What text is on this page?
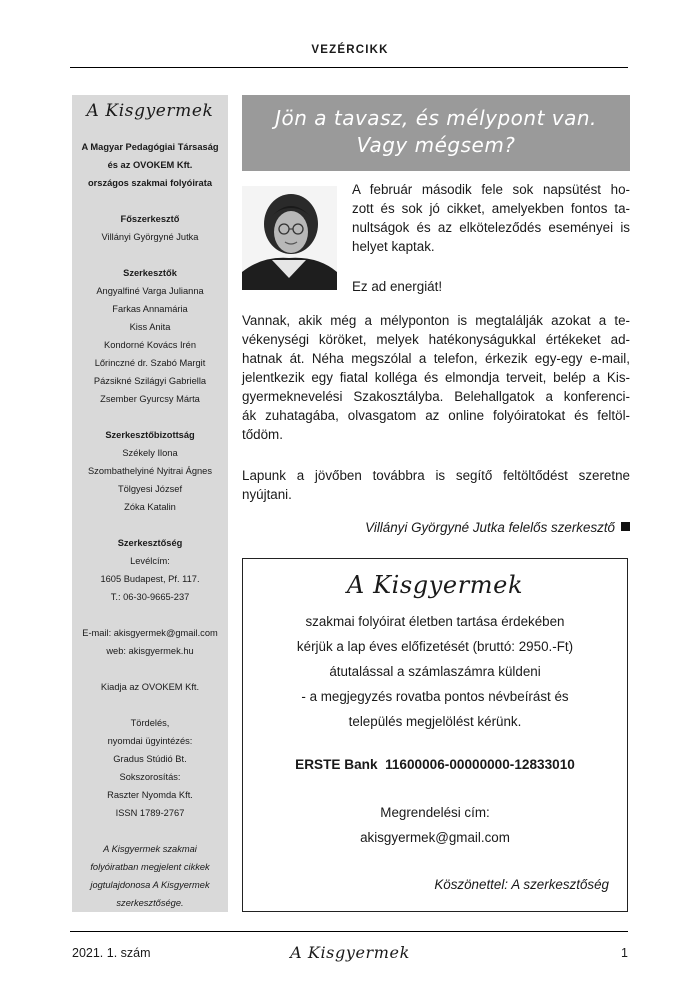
VEZÉRCIKK
A Kisgyermek
A Magyar Pedagógiai Társaság
és az OVOKEM Kft.
országos szakmai folyóirata
Főszerkesztő
Villányi Györgyné Jutka
Szerkesztők
Angyalfiné Varga Julianna
Farkas Annamária
Kiss Anita
Kondorné Kovács Irén
Lőrinczné dr. Szabó Margit
Pázsikné Szilágyi Gabriella
Zsember Gyurcsy Márta
Szerkesztőbizottság
Székely Ilona
Szombathelyiné Nyitrai Ágnes
Tölgyesi József
Zóka Katalin
Szerkesztőség
Levélcím:
1605 Budapest, Pf. 117.
T.: 06-30-9665-237
E-mail: akisgyermek@gmail.com
web: akisgyermek.hu
Kiadja az OVOKEM Kft.
Tördelés,
nyomdai ügyintézés:
Gradus Stúdió Bt.
Sokszorosítás:
Raszter Nyomda Kft.
ISSN 1789-2767
A Kisgyermek szakmai
folyóiratban megjelent cikkek
jogtulajdonosa A Kisgyermek
szerkesztősége.
Jön a tavasz, és mélypont van.
Vagy mégsem?
A február második fele sok napsütést ho-
zott és sok jó cikket, amelyekben fontos ta-
nultságok és az elköteleződés eseményei is
helyet kaptak.
Ez ad energiát!
Vannak, akik még a mélyponton is megtalálják azokat a te-
vékenységi köröket, melyek hatékonyságukkal értékeket ad-
hatnak át. Néha megszólal a telefon, érkezik egy-egy e-mail,
jelentkezik egy fiatal kolléga és elmondja terveit, belép a Kis-
gyermeknevelési Szakosztályba. Belehallgatok a konferenci-
ák zuhatagába, olvasgatom az online folyóiratokat és feltöl-
tődöm.
Lapunk a jövőben továbbra is segítő feltöltődést szeretne
nyújtani.
Villányi Györgyné Jutka felelős szerkesztő
A Kisgyermek
szakmai folyóirat életben tartása érdekében
kérjük a lap éves előfizetését (bruttó: 2950.-Ft)
átutalással a számlaszámra küldeni
- a megjegyzés rovatba pontos névbeírást és
település megjelölést kérünk.
ERSTE Bank  11600006-00000000-12833010
Megrendelési cím:
akisgyermek@gmail.com
Köszönettel: A szerkesztőség
2021. 1. szám	A Kisgyermek	1
